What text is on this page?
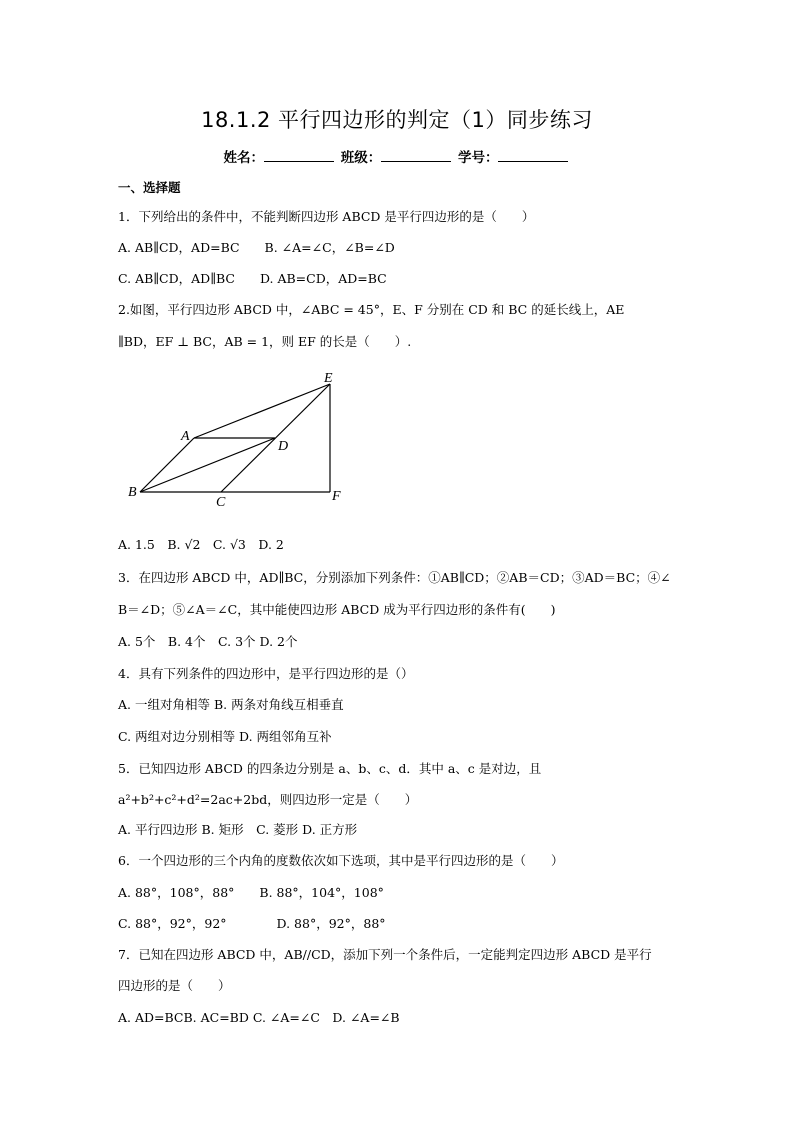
18.1.2 平行四边形的判定（1）同步练习
姓名：	班级：	学号：
一、选择题
1．下列给出的条件中，不能判断四边形 ABCD 是平行四边形的是（　　）
A. AB∥CD，AD=BC　　B. ∠A=∠C，∠B=∠D
C. AB∥CD，AD∥BC　　D. AB=CD，AD=BC
2.如图，平行四边形 ABCD 中，∠ABC = 45°，E、F 分别在 CD 和 BC 的延长线上，AE
∥BD，EF ⊥ BC，AB = 1，则 EF 的长是（　　）.
E
A
D
B
C	F
A. 1.5　B. √2　C. √3　D. 2
3．在四边形 ABCD 中，AD∥BC，分别添加下列条件：①AB∥CD；②AB＝CD；③AD＝BC；④∠
B＝∠D；⑤∠A＝∠C，其中能使四边形 ABCD 成为平行四边形的条件有(　　)
A. 5个　B. 4个　C. 3个 D. 2个
4．具有下列条件的四边形中，是平行四边形的是（）
A. 一组对角相等 B. 两条对角线互相垂直
C. 两组对边分别相等 D. 两组邻角互补
5．已知四边形 ABCD 的四条边分别是 a、b、c、d．其中 a、c 是对边，且
a²+b²+c²+d²=2ac+2bd，则四边形一定是（　　）
A. 平行四边形 B. 矩形　C. 菱形 D. 正方形
6．一个四边形的三个内角的度数依次如下选项，其中是平行四边形的是（　　）
A. 88°，108°，88°　　B. 88°，104°，108°
C. 88°，92°，92°　　　　D. 88°，92°，88°
7．已知在四边形 ABCD 中，AB//CD，添加下列一个条件后，一定能判定四边形 ABCD 是平行
四边形的是（　　）
A. AD=BCB. AC=BD C. ∠A=∠C　D. ∠A=∠B
